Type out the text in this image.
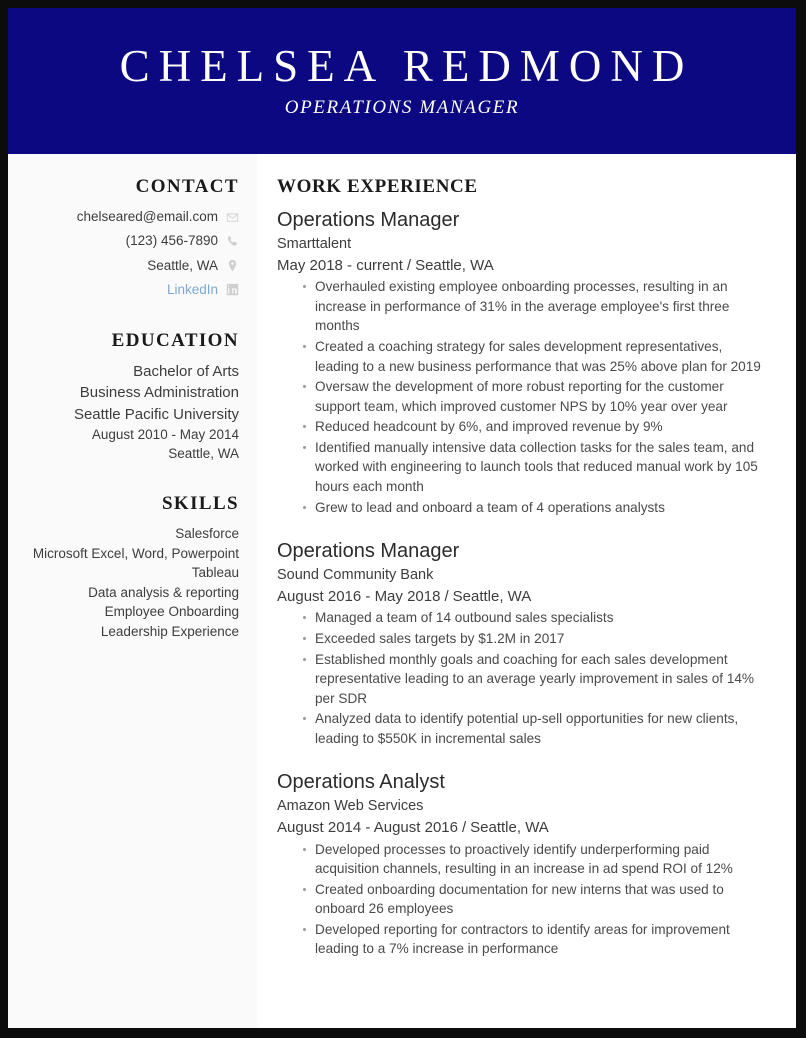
CHELSEA REDMOND
OPERATIONS MANAGER
CONTACT
chelseared@email.com
(123) 456-7890
Seattle, WA
LinkedIn
EDUCATION
Bachelor of Arts
Business Administration
Seattle Pacific University
August 2010 - May 2014
Seattle, WA
SKILLS
Salesforce
Microsoft Excel, Word, Powerpoint
Tableau
Data analysis & reporting
Employee Onboarding
Leadership Experience
WORK EXPERIENCE
Operations Manager
Smarttalent
May 2018 - current / Seattle, WA
Overhauled existing employee onboarding processes, resulting in an increase in performance of 31% in the average employee's first three months
Created a coaching strategy for sales development representatives, leading to a new business performance that was 25% above plan for 2019
Oversaw the development of more robust reporting for the customer support team, which improved customer NPS by 10% year over year
Reduced headcount by 6%, and improved revenue by 9%
Identified manually intensive data collection tasks for the sales team, and worked with engineering to launch tools that reduced manual work by 105 hours each month
Grew to lead and onboard a team of 4 operations analysts
Operations Manager
Sound Community Bank
August 2016 - May 2018 / Seattle, WA
Managed a team of 14 outbound sales specialists
Exceeded sales targets by $1.2M in 2017
Established monthly goals and coaching for each sales development representative leading to an average yearly improvement in sales of 14% per SDR
Analyzed data to identify potential up-sell opportunities for new clients, leading to $550K in incremental sales
Operations Analyst
Amazon Web Services
August 2014 - August 2016 / Seattle, WA
Developed processes to proactively identify underperforming paid acquisition channels, resulting in an increase in ad spend ROI of 12%
Created onboarding documentation for new interns that was used to onboard 26 employees
Developed reporting for contractors to identify areas for improvement leading to a 7% increase in performance
